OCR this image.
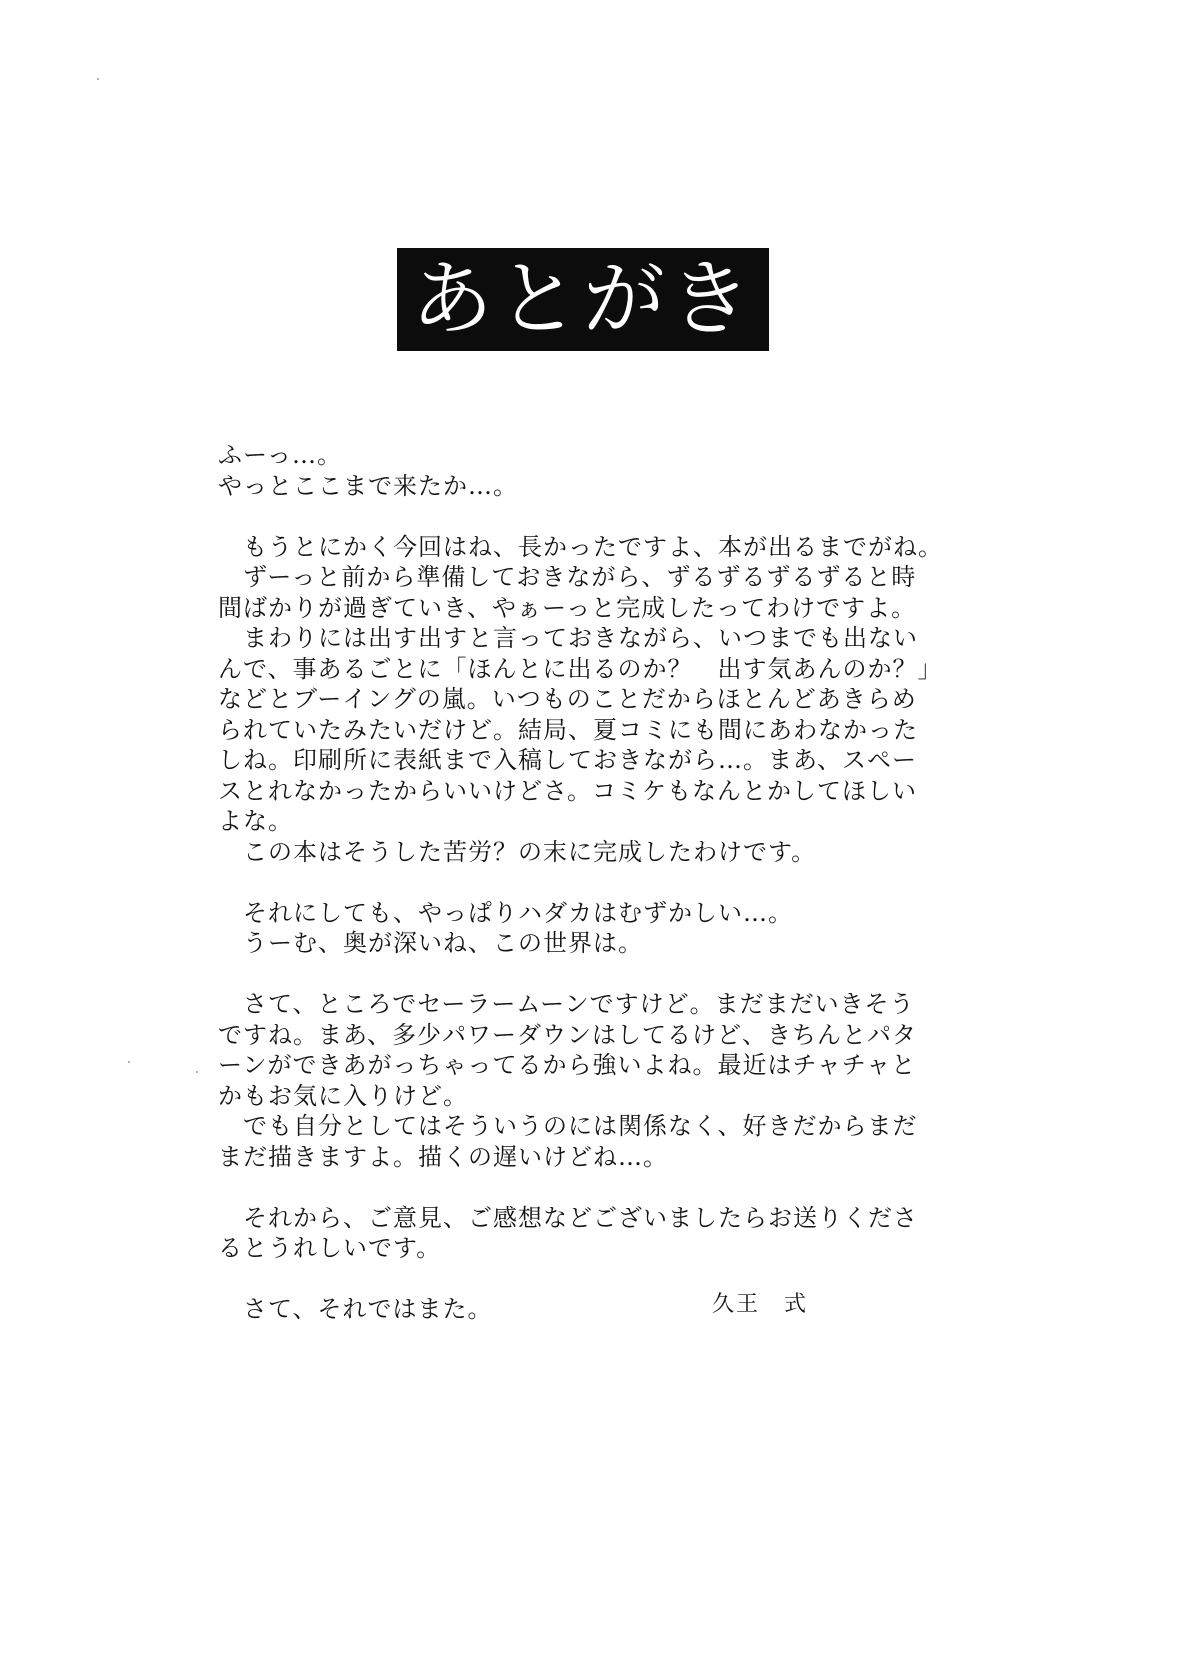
あとがき
ふーっ…。
やっとここまで来たか…。
　もうとにかく今回はね、長かったですよ、本が出るまでがね。
　ずーっと前から準備しておきながら、ずるずるずるずると時
間ばかりが過ぎていき、やぁーっと完成したってわけですよ。
　まわりには出す出すと言っておきながら、いつまでも出ない
んで、事あるごとに「ほんとに出るのか？　出す気あんのか？」
などとブーイングの嵐。いつものことだからほとんどあきらめ
られていたみたいだけど。結局、夏コミにも間にあわなかった
しね。印刷所に表紙まで入稿しておきながら…。まあ、スペー
スとれなかったからいいけどさ。コミケもなんとかしてほしい
よな。
　この本はそうした苦労？の末に完成したわけです。
　それにしても、やっぱりハダカはむずかしい…。
　うーむ、奥が深いね、この世界は。
　さて、ところでセーラームーンですけど。まだまだいきそう
ですね。まあ、多少パワーダウンはしてるけど、きちんとパタ
ーンができあがっちゃってるから強いよね。最近はチャチャと
かもお気に入りけど。
　でも自分としてはそういうのには関係なく、好きだからまだ
まだ描きますよ。描くの遅いけどね…。
　それから、ご意見、ご感想などございましたらお送りくださ
るとうれしいです。
　さて、それではまた。	久王　式
